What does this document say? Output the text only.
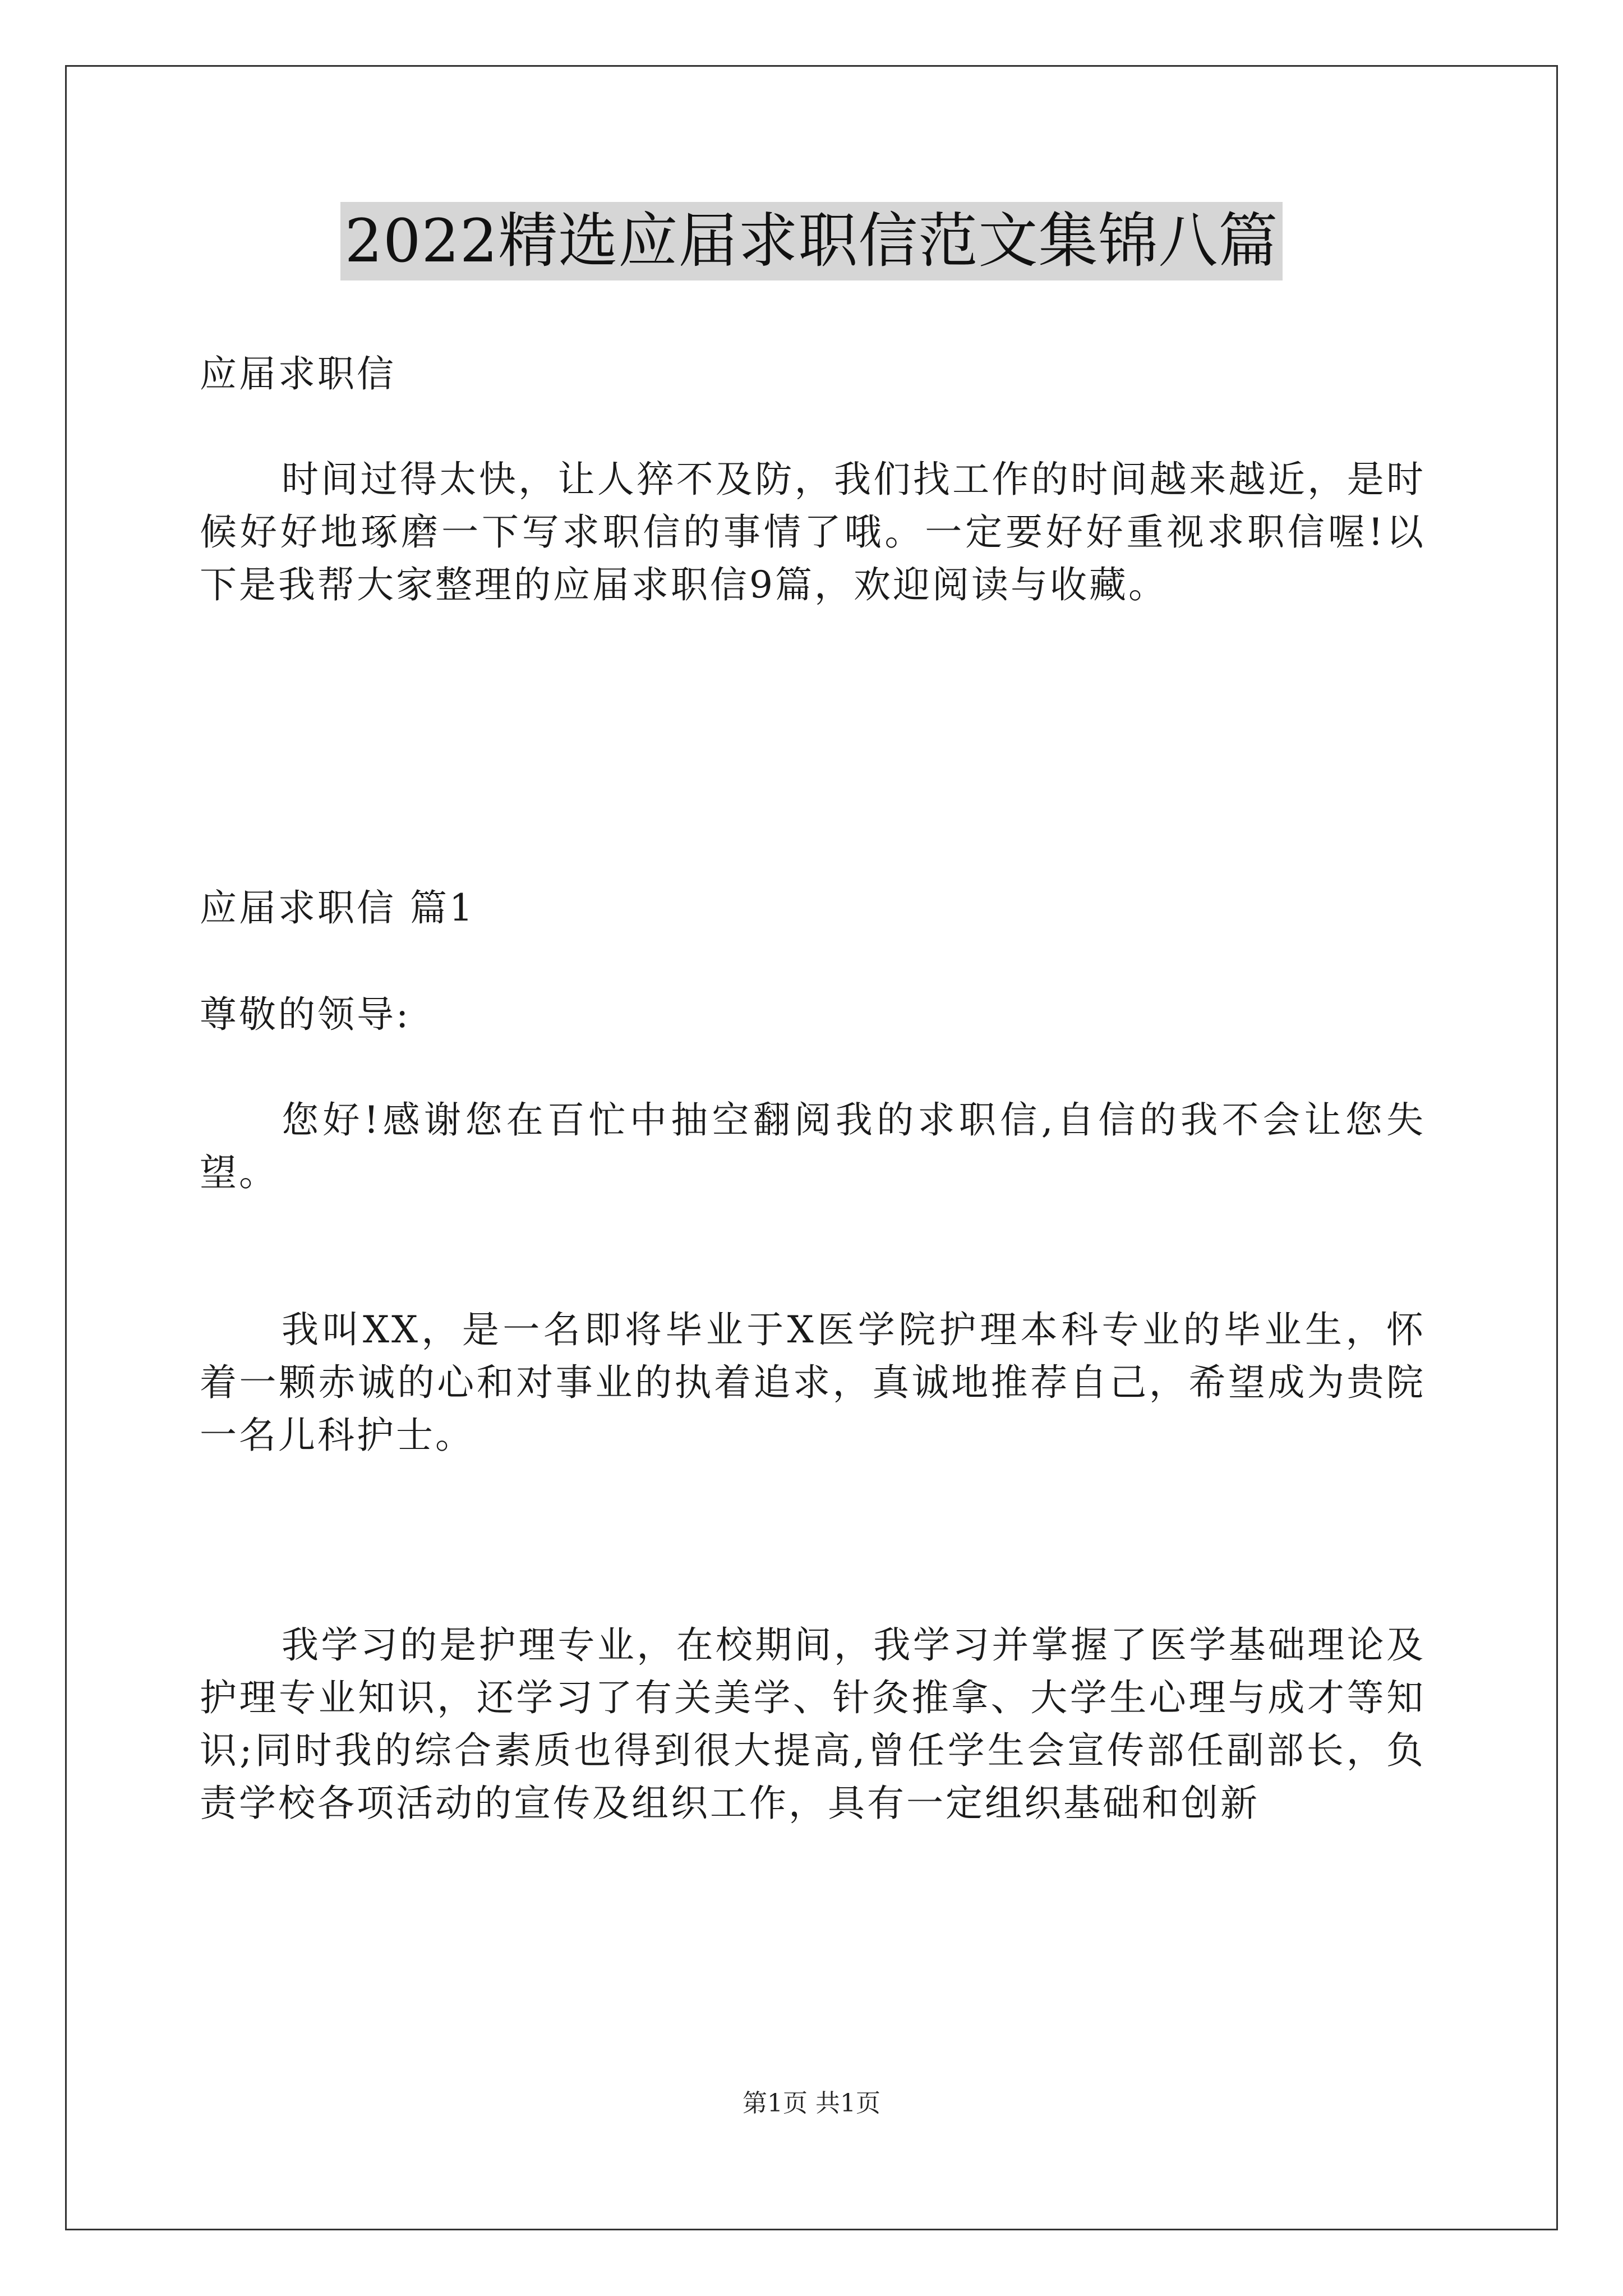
2022精选应届求职信范文集锦八篇
应届求职信

时间过得太快，让人猝不及防，我们找工作的时间越来越近，是时候好好地琢磨一下写求职信的事情了哦。一定要好好重视求职信喔!以下是我帮大家整理的应届求职信9篇，欢迎阅读与收藏。

应届求职信 篇1
尊敬的领导:

您好!感谢您在百忙中抽空翻阅我的求职信,自信的我不会让您失望。

我叫XX，是一名即将毕业于X医学院护理本科专业的毕业生，怀着一颗赤诚的心和对事业的执着追求，真诚地推荐自己，希望成为贵院一名儿科护士。

我学习的是护理专业，在校期间，我学习并掌握了医学基础理论及护理专业知识，还学习了有关美学、针灸推拿、大学生心理与成才等知识;同时我的综合素质也得到很大提高,曾任学生会宣传部任副部长，负责学校各项活动的宣传及组织工作，具有一定组织基础和创新

第1页 共1页
